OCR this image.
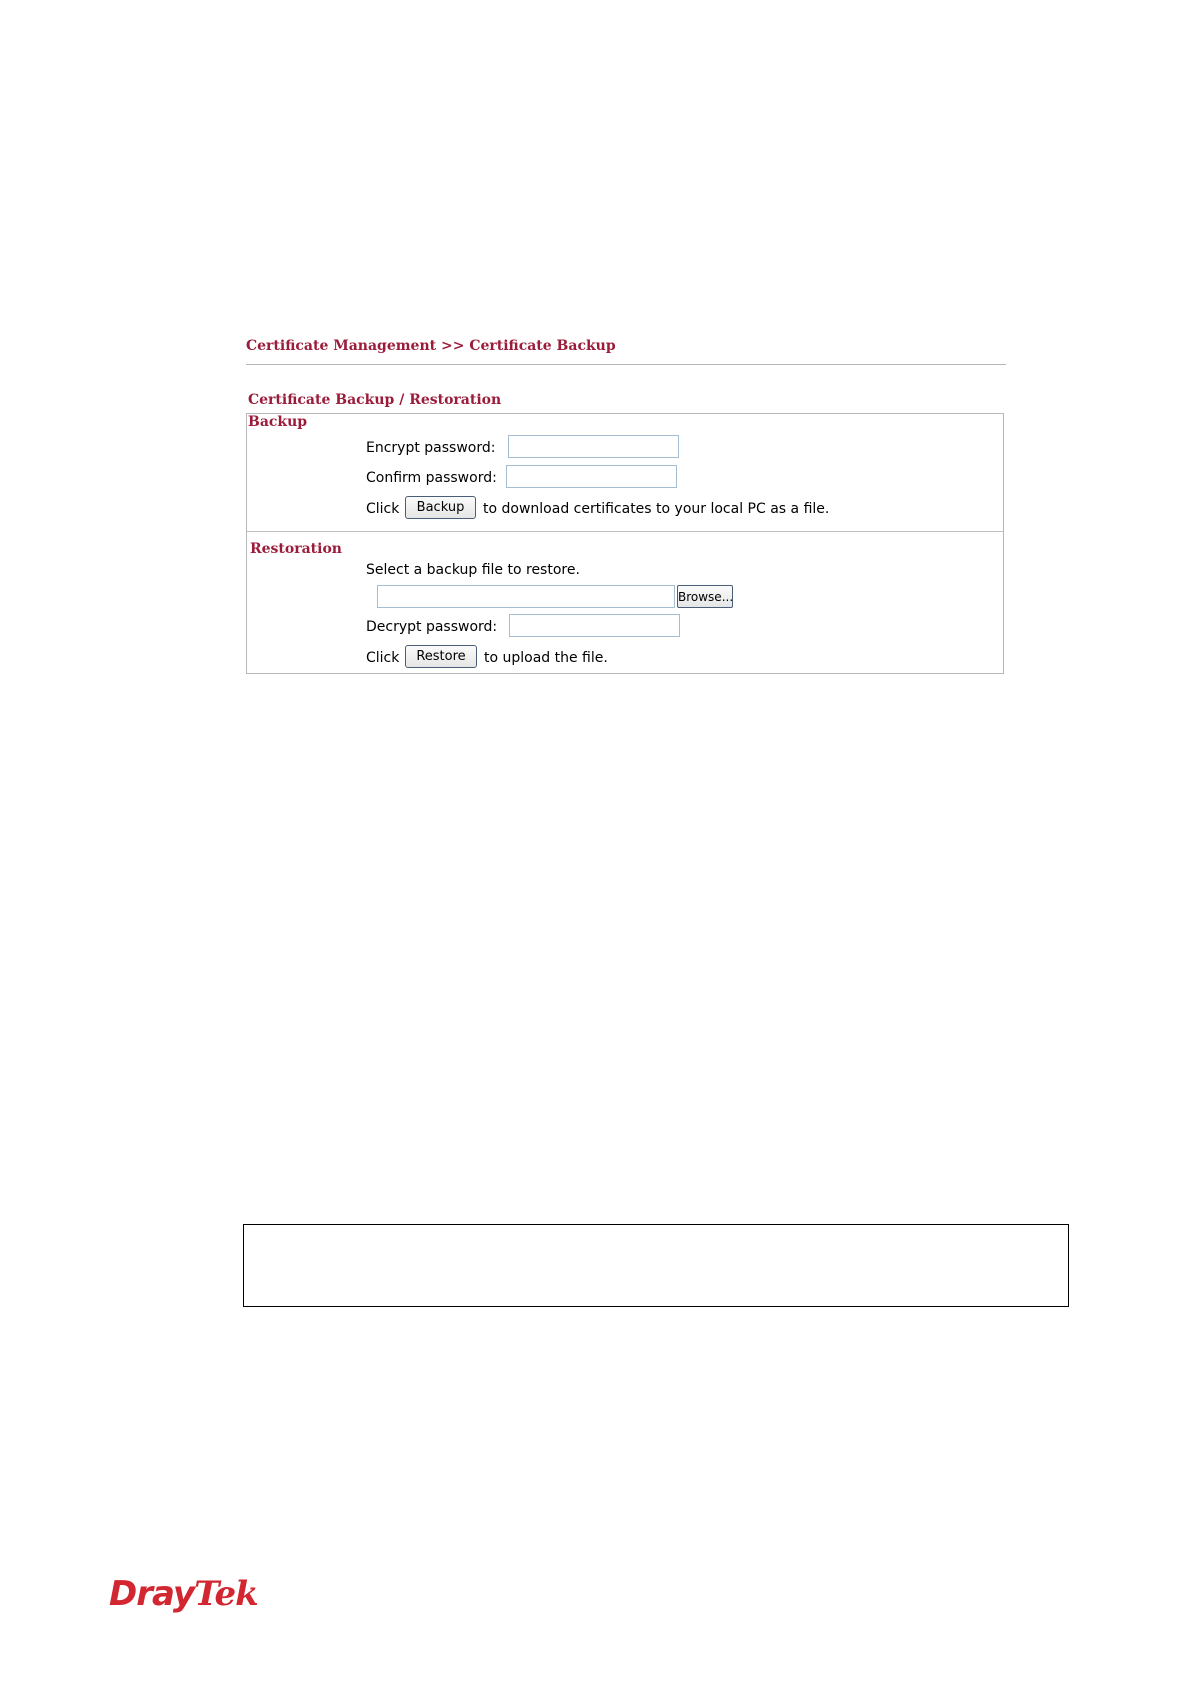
Certificate Management >> Certificate Backup
Certificate Backup / Restoration
Backup
Encrypt password:
Confirm password:
Click	Backup	to download certificates to your local PC as a file.
Restoration
Select a backup file to restore.
Browse...
Decrypt password:
Click	Restore	to upload the file.
DrayTek
